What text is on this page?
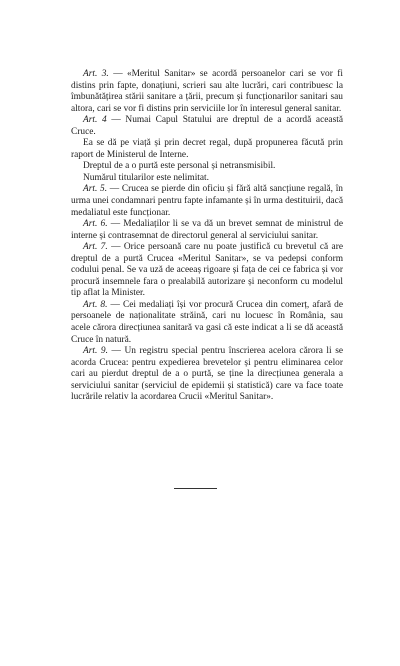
Art. 3. — «Meritul Sanitar» se acordă persoanelor cari se vor fi distins prin fapte, donațiuni, scrieri sau alte lucrări, cari contribuesc la îmbunătățirea stării sanitare a țării, precum și funcționarilor sanitari sau altora, cari se vor fi distins prin serviciile lor în interesul general sanitar.

Art. 4 — Numai Capul Statului are dreptul de a acordă această Cruce.

Ea se dă pe viață și prin decret regal, după propunerea făcută prin raport de Ministerul de Interne.

Dreptul de a o purtă este personal și netransmisibil.

Numărul titularilor este nelimitat.

Art. 5. — Crucea se pierde din oficiu și fără altă sancțiune regală, în urma unei condamnari pentru fapte infamante și în urma destituirii, dacă medaliatul este funcționar.

Art. 6. — Medaliaților li se va dă un brevet semnat de ministrul de interne și contrasemnat de directorul general al serviciului sanitar.

Art. 7. — Orice persoană care nu poate justifică cu brevetul că are dreptul de a purtă Crucea «Meritul Sanitar», se va pedepsi conform codului penal. Se va uză de aceeaș rigoare și fața de cei ce fabrica și vor procură insemnele fara o prealabilă autorizare și neconform cu modelul tip aflat la Minister.

Art. 8. — Cei medaliați își vor procură Crucea din comerț, afară de persoanele de naționalitate străină, cari nu locuesc în România, sau acele cărora direcțiunea sanitară va gasi că este indicat a li se dă această Cruce în natură.

Art. 9. — Un registru special pentru înscrierea acelora cărora li se acorda Crucea: pentru expedierea brevetelor și pentru eliminarea celor cari au pierdut dreptul de a o purtă, se ține la direcțiunea generala a serviciului sanitar (serviciul de epidemii și statistică) care va face toate lucrările relativ la acordarea Crucii «Meritul Sanitar».
